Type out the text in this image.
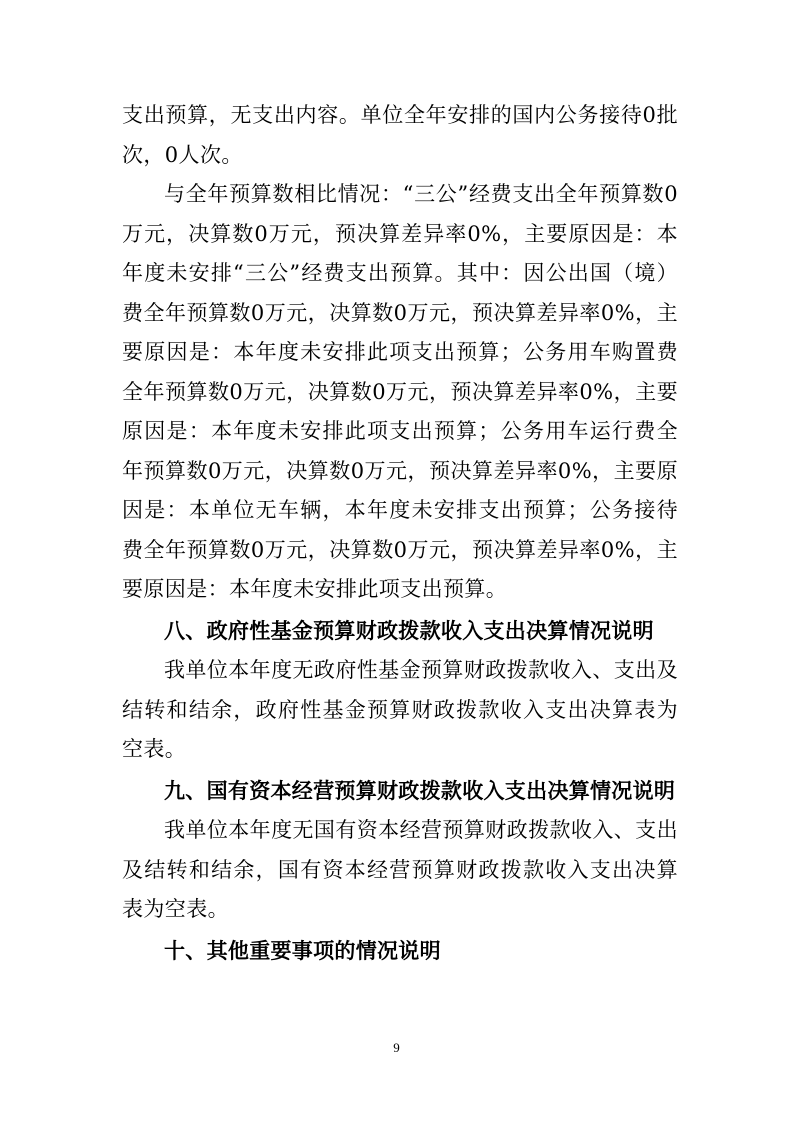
支出预算，无支出内容。单位全年安排的国内公务接待0批次，0人次。

与全年预算数相比情况：“三公”经费支出全年预算数0万元，决算数0万元，预决算差异率0%，主要原因是：本年度未安排“三公”经费支出预算。其中：因公出国（境）费全年预算数0万元，决算数0万元，预决算差异率0%，主要原因是：本年度未安排此项支出预算；公务用车购置费全年预算数0万元，决算数0万元，预决算差异率0%，主要原因是：本年度未安排此项支出预算；公务用车运行费全年预算数0万元，决算数0万元，预决算差异率0%，主要原因是：本单位无车辆，本年度未安排支出预算；公务接待费全年预算数0万元，决算数0万元，预决算差异率0%，主要原因是：本年度未安排此项支出预算。

八、政府性基金预算财政拨款收入支出决算情况说明

我单位本年度无政府性基金预算财政拨款收入、支出及结转和结余，政府性基金预算财政拨款收入支出决算表为空表。

九、国有资本经营预算财政拨款收入支出决算情况说明

我单位本年度无国有资本经营预算财政拨款收入、支出及结转和结余，国有资本经营预算财政拨款收入支出决算表为空表。

十、其他重要事项的情况说明
9
